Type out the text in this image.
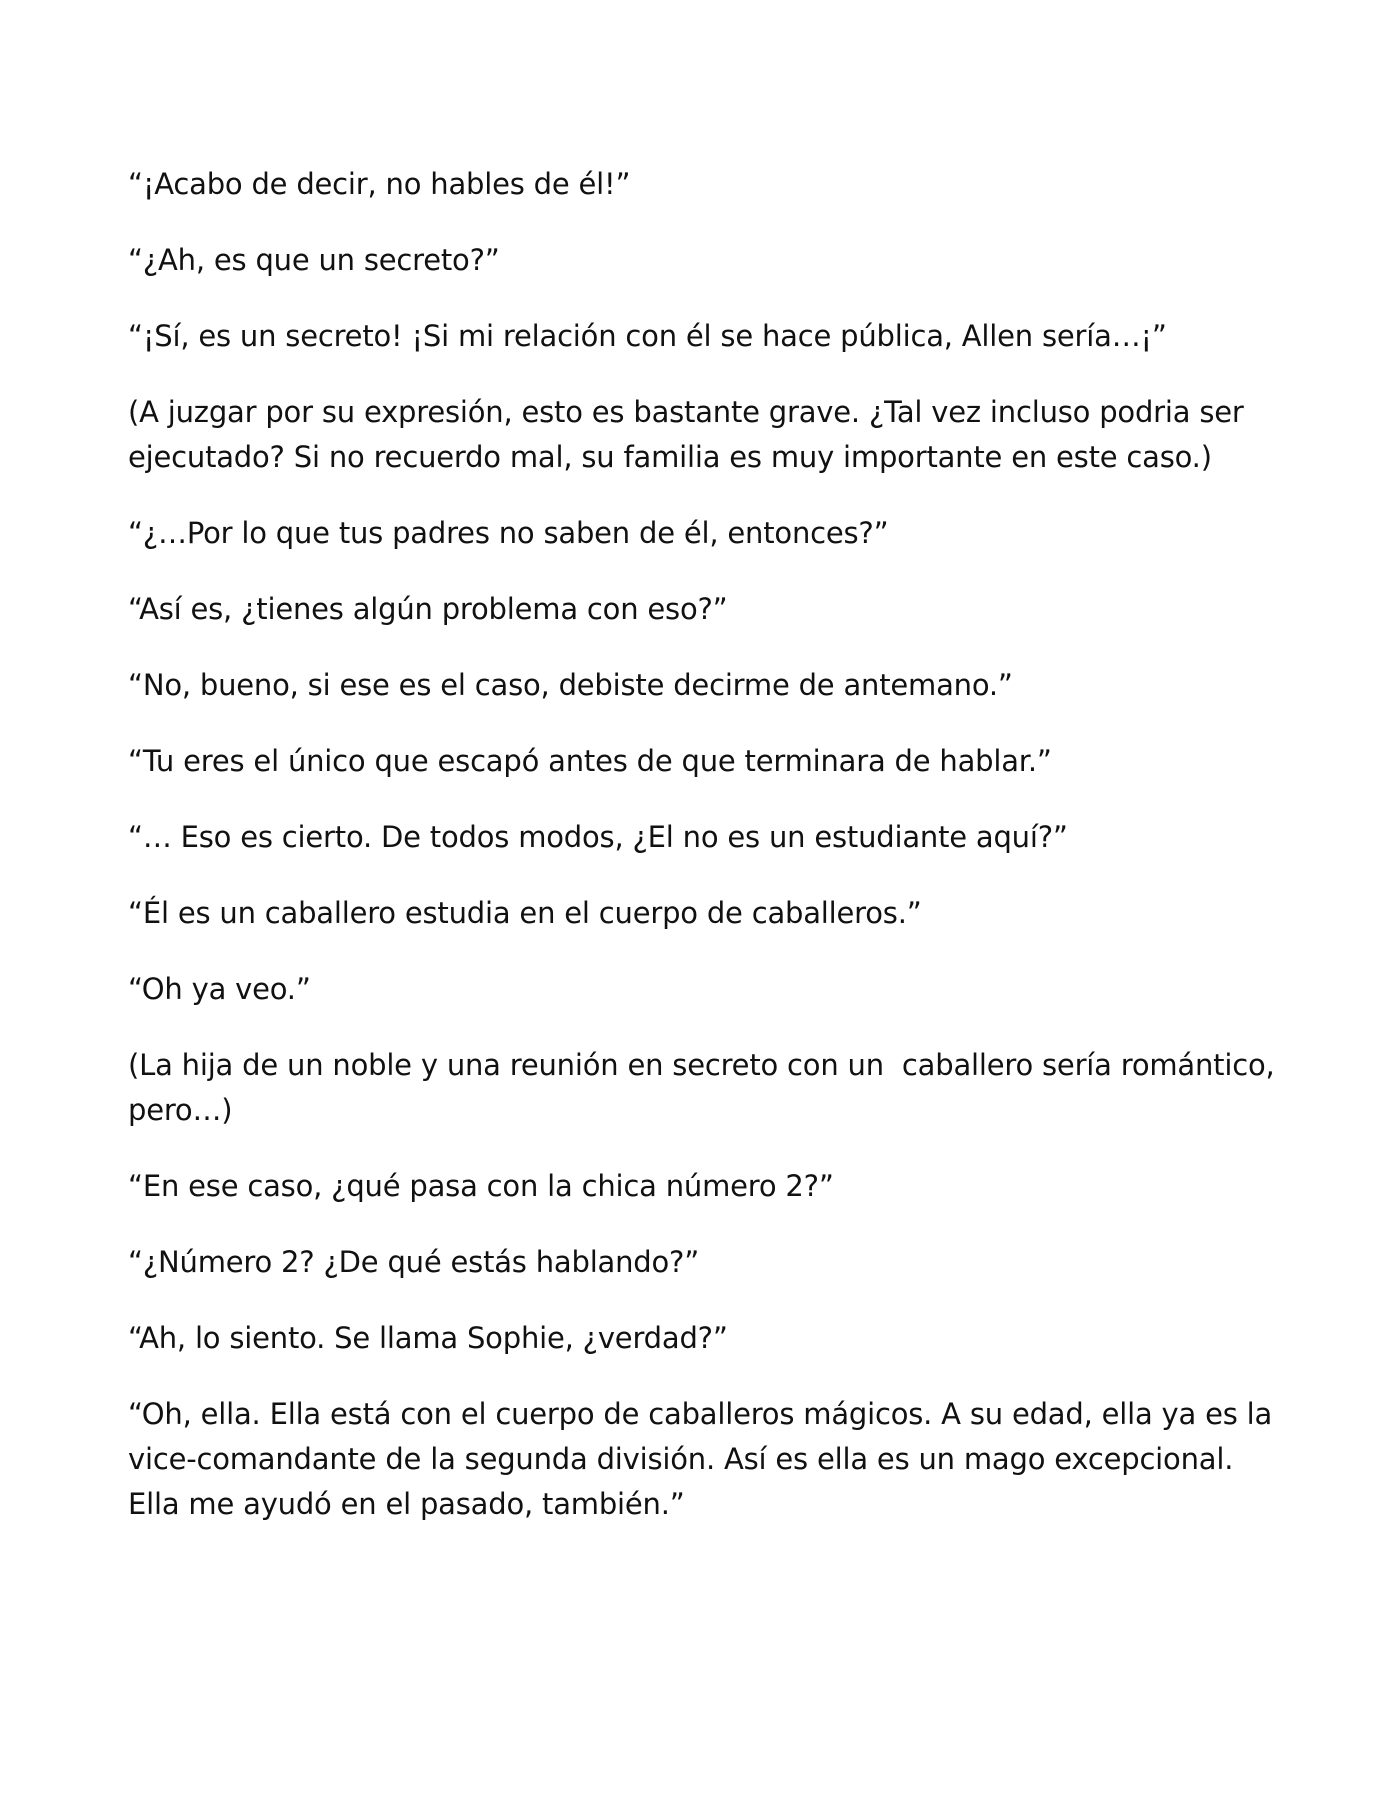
“¡Acabo de decir, no hables de él!”

“¿Ah, es que un secreto?”

“¡Sí, es un secreto! ¡Si mi relación con él se hace pública, Allen sería…¡”

(A juzgar por su expresión, esto es bastante grave. ¿Tal vez incluso podria ser ejecutado? Si no recuerdo mal, su familia es muy importante en este caso.)

“¿…Por lo que tus padres no saben de él, entonces?”

“Así es, ¿tienes algún problema con eso?”

“No, bueno, si ese es el caso, debiste decirme de antemano.”

“Tu eres el único que escapó antes de que terminara de hablar.”

“… Eso es cierto. De todos modos, ¿El no es un estudiante aquí?”

“Él es un caballero estudia en el cuerpo de caballeros.”

“Oh ya veo.”

(La hija de un noble y una reunión en secreto con un  caballero sería romántico, pero…)

“En ese caso, ¿qué pasa con la chica número 2?”

“¿Número 2? ¿De qué estás hablando?”

“Ah, lo siento. Se llama Sophie, ¿verdad?”

“Oh, ella. Ella está con el cuerpo de caballeros mágicos. A su edad, ella ya es la vice-comandante de la segunda división. Así es ella es un mago excepcional. Ella me ayudó en el pasado, también.”
